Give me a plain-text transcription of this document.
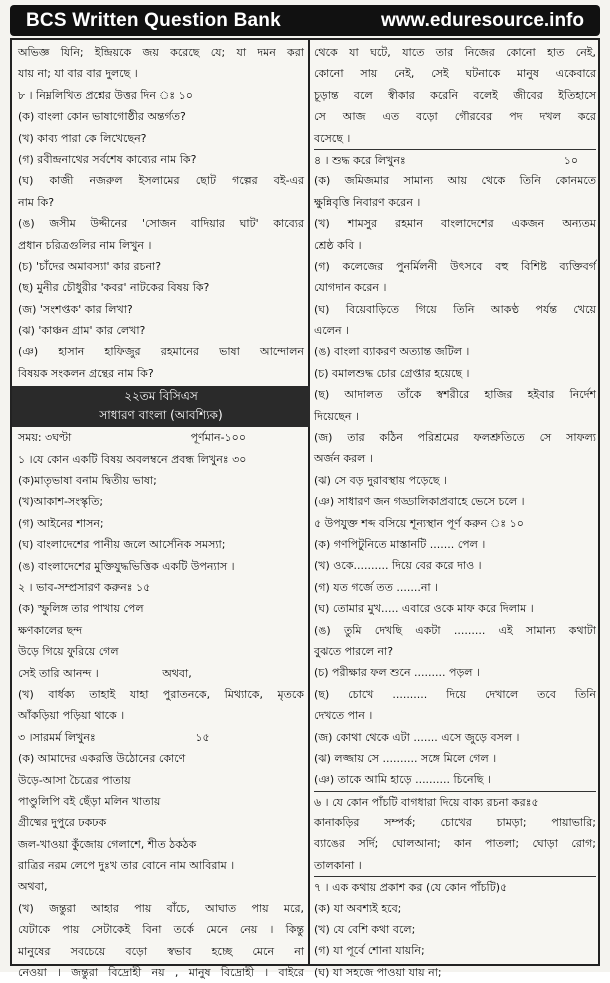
BCS Written Question Bank	www.eduresource.info
অভিজ্ঞ যিনি; ইন্দ্রিয়কে জয় করেছে যে; যা দমন করা
যায় না; যা বার বার দুলছে ।
৮ । নিম্নলিখিত প্রশ্নের উত্তর দিন ঃ ১০
(ক) বাংলা কোন ভাষাগোষ্ঠীর অন্তর্গত?
(খ) কাব্য পারা কে লিখেছেন?
(গ) রবীন্দ্রনাথের সর্বশেষ কাব্যের নাম কি?
(ঘ) কাজী নজরুল ইসলামের ছোট গল্পের বই-এর
নাম কি?
(ঙ) জসীম উদ্দীনের 'সোজন বাদিয়ার ঘাট' কাব্যের
প্রধান চরিত্রগুলির নাম লিখুন ।
(চ) 'চাঁদের অমাবস্যা' কার রচনা?
(ছ) মুনীর চৌধুরীর 'কবর' নাটকের বিষয় কি?
(জ) 'সংশপ্তক' কার লিখা?
(ঝ) 'কাঞ্চন গ্রাম' কার লেখা?
(ঞ) হাসান হাফিজুর রহমানের ভাষা আন্দোলন
বিষয়ক সংকলন গ্রন্থের নাম কি?
২২তম বিসিএস
সাধারণ বাংলা (আবশ্যিক)
সময়: ৩ঘণ্টা	পূর্ণমান-১০০
১ ।যে কোন একটি বিষয় অবলম্বনে প্রবন্ধ লিখুনঃ ৩০
(ক)মাতৃভাষা বনাম দ্বিতীয় ভাষা;
(খ)আকাশ-সংস্কৃতি;
(গ) আইনের শাসন;
(ঘ) বাংলাদেশের পানীয় জলে আর্সেনিক সমস্যা;
(ঙ) বাংলাদেশের মুক্তিযুদ্ধভিত্তিক একটি উপন্যাস ।
২ । ভাব-সম্প্রসারণ করুনঃ ১৫
(ক) স্ফুলিঙ্গ তার পাখায় পেল
ক্ষণকালের ছন্দ
উড়ে গিয়ে ফুরিয়ে গেল
সেই তারি আনন্দ ।	অথবা,
(খ) বার্ধক্য তাহাই যাহা পুরাতনকে, মিথ্যাকে, মৃতকে
আঁকড়িয়া পড়িয়া থাকে ।
৩ ।সারমর্ম লিখুনঃ	১৫
(ক) আমাদের একরত্তি উঠোনের কোণে
উড়ে-আসা চৈত্রের পাতায়
পাণ্ডুলিপি বই ছেঁড়া মলিন খাতায়
গ্রীষ্মের দুপুরে ঢকঢক
জল-খাওয়া কুঁজোয় গেলাশে, শীত ঠকঠক
রাত্রির নরম লেপে দুঃখ তার বোনে নাম আবিরাম ।
অথবা,
(খ) জন্তুরা আহার পায় বাঁচে, আঘাত পায় মরে,
যেটাকে পায় সেটাকেই বিনা তর্কে মেনে নেয় । কিন্তু
মানুষের সবচেয়ে বড়ো স্বভাব হচ্ছে মেনে না
নেওয়া । জন্তুরা বিদ্রোহী নয় , মানুষ বিদ্রোহী । বাইরে
থেকে যা ঘটে, যাতে তার নিজের কোনো হাত নেই,
কোনো সায় নেই, সেই ঘটনাকে মানুষ একেবারে
চূড়ান্ত বলে স্বীকার করেনি বলেই জীবের ইতিহাসে
সে আজ এত বড়ো গৌরবের পদ দখল করে
বসেছে ।
৪ । শুদ্ধ করে লিখুনঃ	১০
(ক) জমিজমার সামান্য আয় থেকে তিনি কোনমতে
ক্ষুন্নিবৃত্তি নিবারণ করেন ।
(খ) শামসুর রহমান বাংলাদেশের একজন অন্যতম
শ্রেষ্ঠ কবি ।
(গ) কলেজের পুনর্মিলনী উৎসবে বহু বিশিষ্ট ব্যক্তিবর্গ
যোগদান করেন ।
(ঘ) বিয়েবাড়িতে গিয়ে তিনি আকণ্ঠ পর্যন্ত খেয়ে
এলেন ।
(ঙ) বাংলা ব্যাকরণ অত্যান্ত জটিল ।
(চ) বমালশুদ্ধ চোর গ্রেপ্তার হয়েছে ।
(ছ) আদালত তাঁকে স্বশরীরে হাজির হইবার নির্দেশ
দিয়েছেন ।
(জ) তার কঠিন পরিশ্রমের ফলশ্রুতিতে সে সাফল্য
অর্জন করল ।
(ঝ) সে বড় দুরাবস্থায় পড়েছে ।
(ঞ) সাধারণ জন গড্ডালিকাপ্রবাহে ভেসে চলে ।
৫ উপযুক্ত শব্দ বসিয়ে শূন্যস্থান পূর্ণ করুন ঃ ১০
(ক) গণপিটুনিতে মাস্তানটি ....... পেল ।
(খ) ওকে.......... দিয়ে বের করে দাও ।
(গ) যত গর্জে তত .......না ।
(ঘ) তোমার মুখ..... এবারে ওকে মাফ করে দিলাম ।
(ঙ) তুমি দেখছি একটা ......... এই সামান্য কথাটা
বুঝতে পারলে না?
(চ) পরীক্ষার ফল শুনে ......... পড়ল ।
(ছ) চোখে .......... দিয়ে দেখালে তবে তিনি
দেখতে পান ।
(জ) কোথা থেকে এটা ....... এসে জুড়ে বসল ।
(ঝ) লজ্জায় সে .......... সঙ্গে মিলে গেল ।
(ঞ) তাকে আমি হাড়ে .......... চিনেছি ।
৬ । যে কোন পাঁচটি বাগধারা দিয়ে বাক্য রচনা করঃ৫
কানাকড়ির সম্পর্ক; চোখের চামড়া; পায়াভারি;
ব্যাঙের সর্দি; ঘোলআনা; কান পাতলা; ঘোড়া রোগ;
তালকানা ।
৭ । এক কথায় প্রকাশ কর (যে কোন পাঁচটি)৫
(ক) যা অবশ্যই হবে;
(খ) যে বেশি কথা বলে;
(গ) যা পূর্বে শোনা যায়নি;
(ঘ) যা সহজে পাওয়া যায় না;
